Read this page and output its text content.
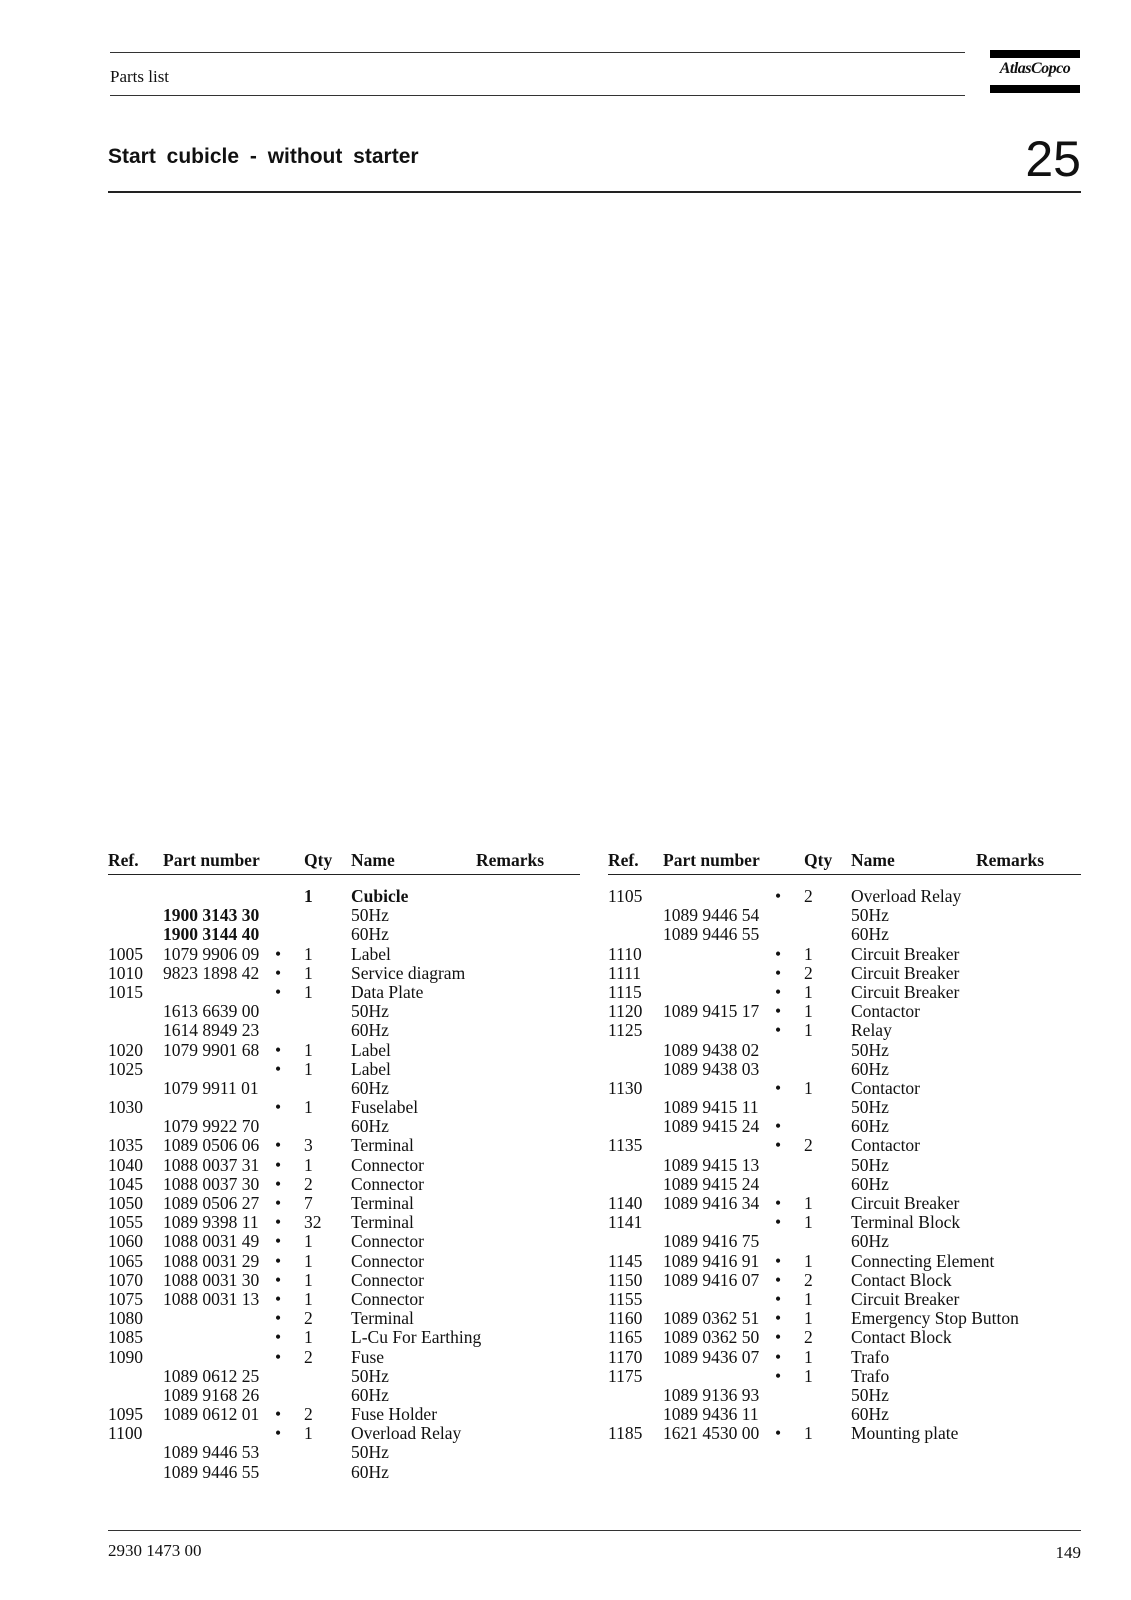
Parts list	AtlasCopco
Start cubicle - without starter	25
Ref. Part number	Qty Name	Remarks
1 Cubicle
1900 3143 30	50Hz
1900 3144 40	60Hz
1005 1079 9906 09 • 1 Label
1010 9823 1898 42 • 1 Service diagram
1015	• 1 Data Plate
1613 6639 00	50Hz
1614 8949 23	60Hz
1020 1079 9901 68 • 1 Label
1025	• 1 Label
1079 9911 01	60Hz
1030	• 1 Fuselabel
1079 9922 70	60Hz
1035 1089 0506 06 • 3 Terminal
1040 1088 0037 31 • 1 Connector
1045 1088 0037 30 • 2 Connector
1050 1089 0506 27 • 7 Terminal
1055 1089 9398 11 • 32 Terminal
1060 1088 0031 49 • 1 Connector
1065 1088 0031 29 • 1 Connector
1070 1088 0031 30 • 1 Connector
1075 1088 0031 13 • 1 Connector
1080	• 2 Terminal
1085	• 1 L-Cu For Earthing
1090	• 2 Fuse
1089 0612 25	50Hz
1089 9168 26	60Hz
1095 1089 0612 01 • 2 Fuse Holder
1100	• 1 Overload Relay
1089 9446 53	50Hz
1089 9446 55	60Hz
Ref. Part number	Qty Name	Remarks
1105	• 2 Overload Relay
1089 9446 54	50Hz
1089 9446 55	60Hz
1110	• 1 Circuit Breaker
1111	• 2 Circuit Breaker
1115	• 1 Circuit Breaker
1120 1089 9415 17 • 1 Contactor
1125	• 1 Relay
1089 9438 02	50Hz
1089 9438 03	60Hz
1130	• 1 Contactor
1089 9415 11	50Hz
1089 9415 24 •	60Hz
1135	• 2 Contactor
1089 9415 13	50Hz
1089 9415 24	60Hz
1140 1089 9416 34 • 1 Circuit Breaker
1141	• 1 Terminal Block
1089 9416 75	60Hz
1145 1089 9416 91 • 1 Connecting Element
1150 1089 9416 07 • 2 Contact Block
1155	• 1 Circuit Breaker
1160 1089 0362 51 • 1 Emergency Stop Button
1165 1089 0362 50 • 2 Contact Block
1170 1089 9436 07 • 1 Trafo
1175	• 1 Trafo
1089 9136 93	50Hz
1089 9436 11	60Hz
1185 1621 4530 00 • 1 Mounting plate
2930 1473 00	149
